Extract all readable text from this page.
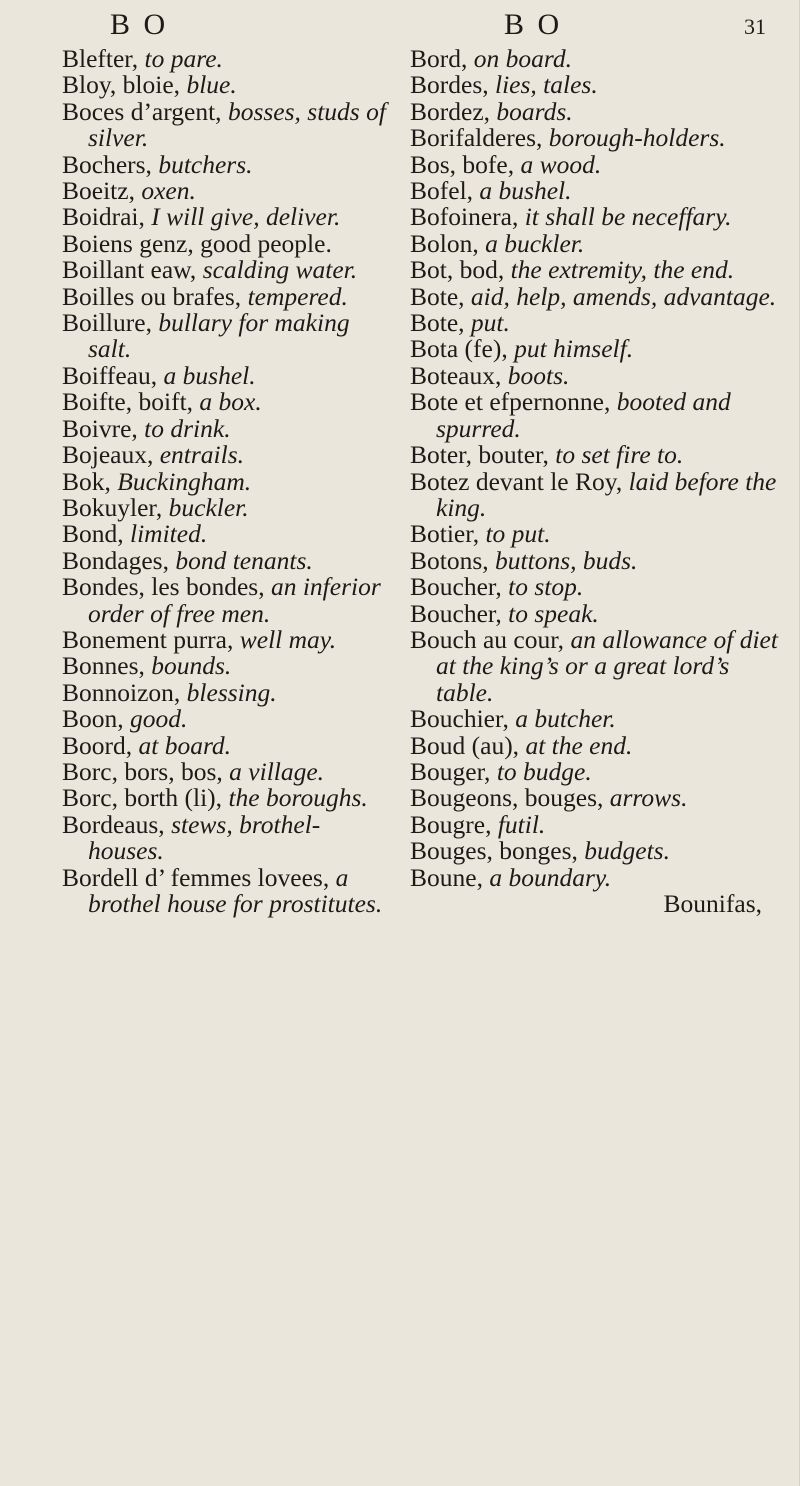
B O	B O	31

Blefter, to pare.

Bloy, bloie, blue.

Boces d’argent, bosses, studs of silver.

Bochers, butchers.

Boeitz, oxen.

Boidrai, I will give, deliver.

Boiens genz, good people.

Boillant eaw, scalding water.

Boilles ou brafes, tempered.

Boillure, bullary for making salt.

Boiffeau, a bushel.

Boifte, boift, a box.

Boivre, to drink.

Bojeaux, entrails.

Bok, Buckingham.

Bokuyler, buckler.

Bond, limited.

Bondages, bond tenants.

Bondes, les bondes, an inferior order of free men.

Bonement purra, well may.

Bonnes, bounds.

Bonnoizon, blessing.

Boon, good.

Boord, at board.

Borc, bors, bos, a village.

Borc, borth (li), the boroughs.

Bordeaus, stews, brothel-houses.

Bordell d’ femmes lovees, a brothel house for prostitutes.

Bord, on board.

Bordes, lies, tales.

Bordez, boards.

Borifalderes, borough-holders.

Bos, bofe, a wood.

Bofel, a bushel.

Bofoinera, it shall be neceffary.

Bolon, a buckler.

Bot, bod, the extremity, the end.

Bote, aid, help, amends, advantage.

Bote, put.

Bota (fe), put himself.

Boteaux, boots.

Bote et efpernonne, booted and spurred.

Boter, bouter, to set fire to.

Botez devant le Roy, laid before the king.

Botier, to put.

Botons, buttons, buds.

Boucher, to stop.

Boucher, to speak.

Bouch au cour, an allowance of diet at the king’s or a great lord’s table.

Bouchier, a butcher.

Boud (au), at the end.

Bouger, to budge.

Bougeons, bouges, arrows.

Bougre, futil.

Bouges, bonges, budgets.

Boune, a boundary.

Bounifas,
